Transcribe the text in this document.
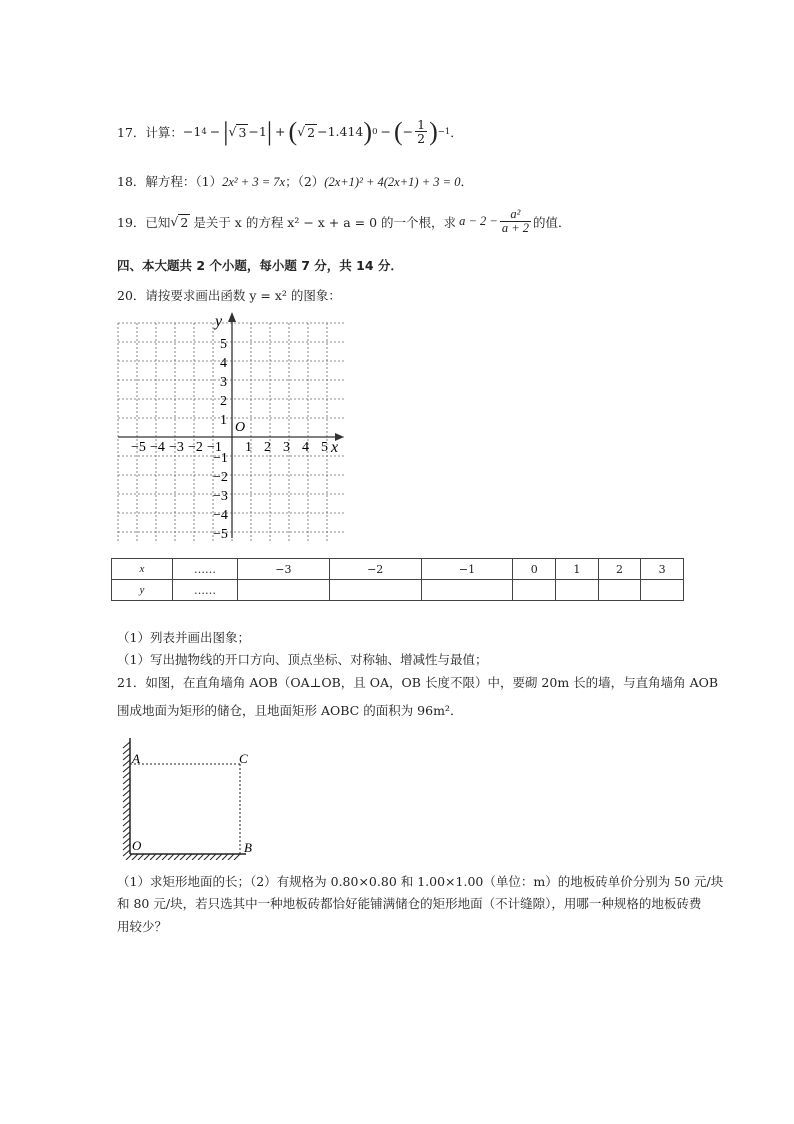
17．计算： −1 4 − | √ 3 −1 | + ( √ 2 −1.414 ) 0 − ( − $\frac{1}{2}$ ) −1 ．
18．解方程：（1）2x² + 3 = 7x；（2）(2x+1)² + 4(2x+1) + 3 = 0．
19．已知 √ 2 是关于 x 的方程 x² − x + a = 0 的一个根，求 $a - 2 - \frac{\text{a²}}{a + 2}$ 的值．
四、本大题共 2 个小题，每小题 7 分，共 14 分．
20．请按要求画出函数 y = x² 的图象：
x
y
O
−5 −4 −3 −2 −1 1 2 3 4 5
5
4
3
2
1
−1
−2
−3
−4
−5
x	……	−3	−2	−1	0	1	2	3
y	……							
（1）列表并画出图象；
（1）写出抛物线的开口方向、顶点坐标、对称轴、增减性与最值；
21．如图，在直角墙角 AOB（OA⊥OB，且 OA，OB 长度不限）中，要砌 20m 长的墙，与直角墙角 AOB
围成地面为矩形的储仓，且地面矩形 AOBC 的面积为 96m²．
A	C
O	B
（1）求矩形地面的长；（2）有规格为 0.80×0.80 和 1.00×1.00（单位：m）的地板砖单价分别为 50 元/块
和 80 元/块，若只选其中一种地板砖都恰好能铺满储仓的矩形地面（不计缝隙），用哪一种规格的地板砖费
用较少？
